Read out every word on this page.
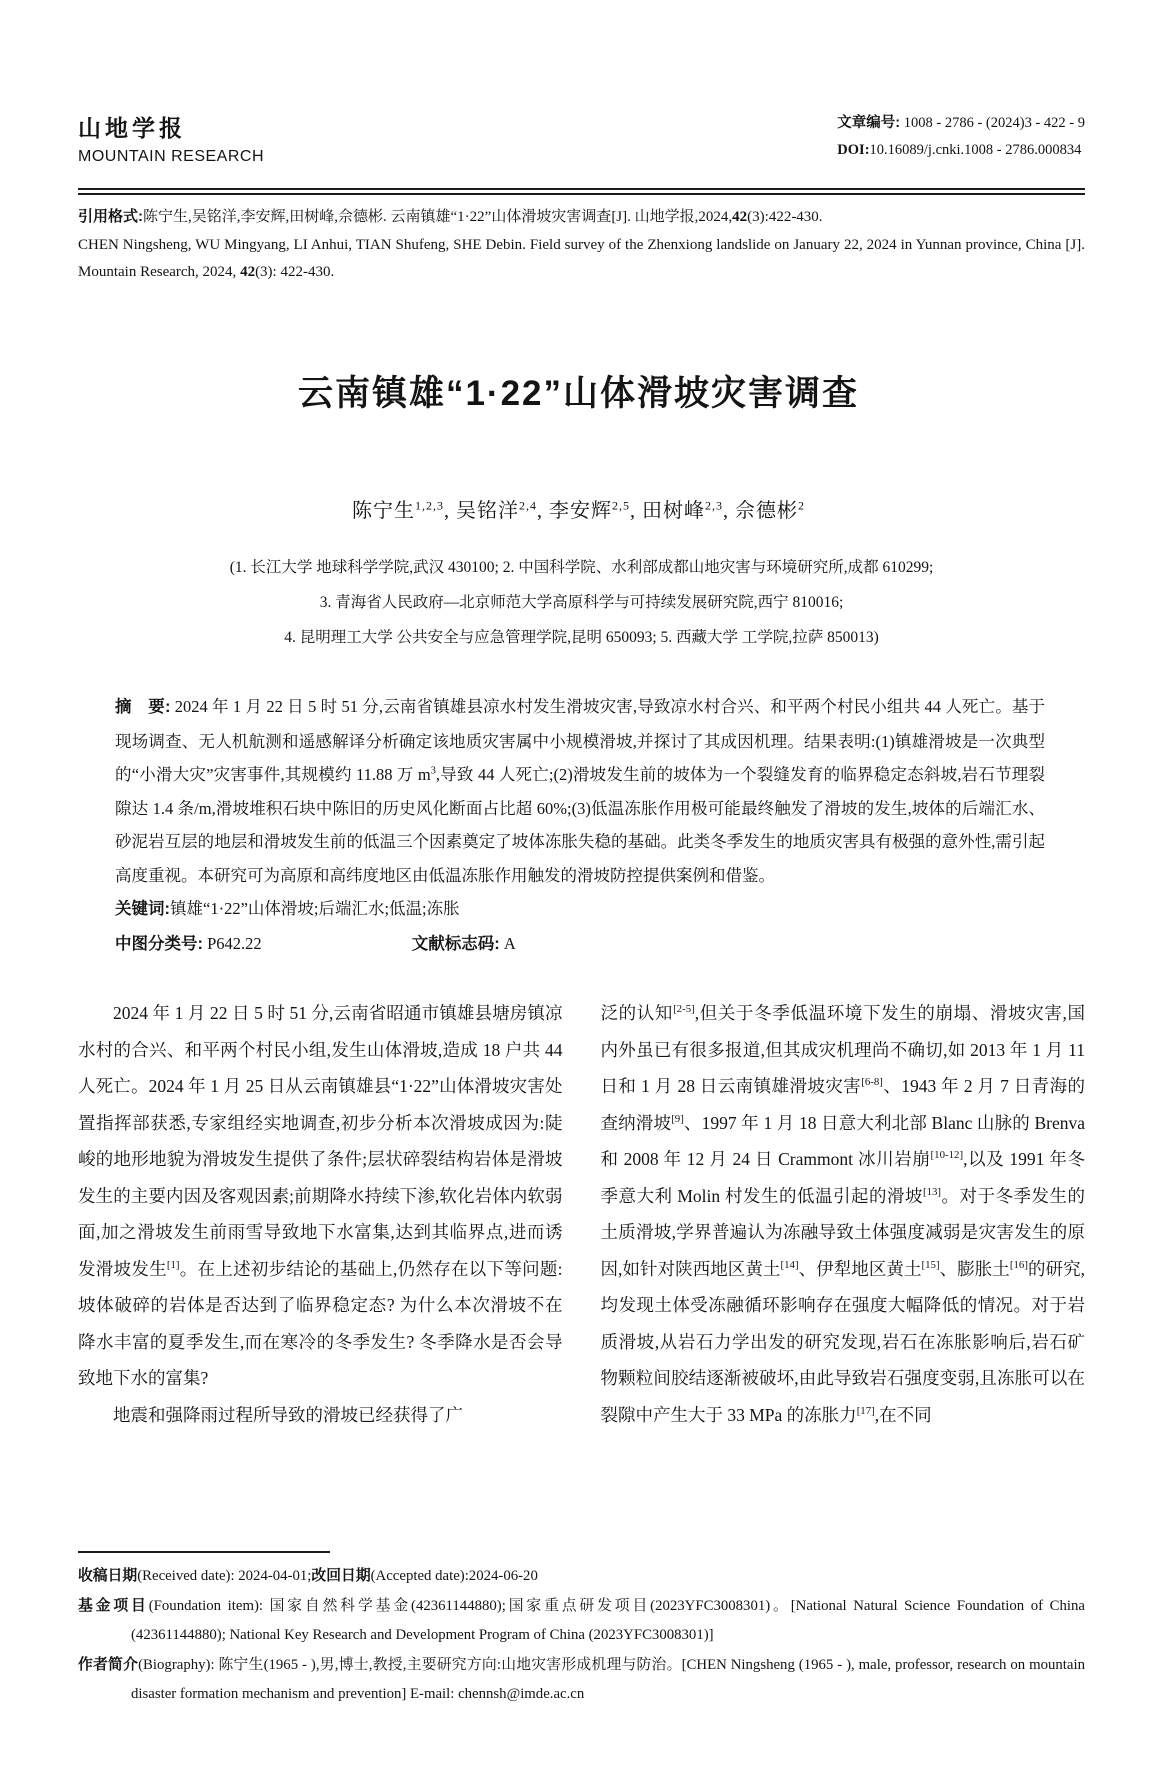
山地学报
MOUNTAIN RESEARCH
文章编号: 1008 - 2786 - (2024)3 - 422 - 9
DOI:10.16089/j.cnki.1008 - 2786.000834

引用格式:陈宁生,吴铭洋,李安辉,田树峰,佘德彬. 云南镇雄“1·22”山体滑坡灾害调查[J]. 山地学报,2024,42(3):422-430.

CHEN Ningsheng, WU Mingyang, LI Anhui, TIAN Shufeng, SHE Debin. Field survey of the Zhenxiong landslide on January 22, 2024 in Yunnan province, China [J]. Mountain Research, 2024, 42(3): 422-430.

云南镇雄“1·22”山体滑坡灾害调查

陈宁生$^{1,2,3}$, 吴铭洋$^{2,4}$, 李安辉$^{2,5}$, 田树峰$^{2,3}$, 佘德彬$^2$

(1. 长江大学 地球科学学院,武汉 430100; 2. 中国科学院、水利部成都山地灾害与环境研究所,成都 610299;

3. 青海省人民政府—北京师范大学高原科学与可持续发展研究院,西宁 810016;

4. 昆明理工大学 公共安全与应急管理学院,昆明 650093; 5. 西藏大学 工学院,拉萨 850013)

摘　要: 2024 年 1 月 22 日 5 时 51 分,云南省镇雄县凉水村发生滑坡灾害,导致凉水村合兴、和平两个村民小组共 44 人死亡。基于现场调查、无人机航测和遥感解译分析确定该地质灾害属中小规模滑坡,并探讨了其成因机理。结果表明:(1)镇雄滑坡是一次典型的“小滑大灾”灾害事件,其规模约 11.88 万 $m^3$,导致 44 人死亡;(2)滑坡发生前的坡体为一个裂缝发育的临界稳定态斜坡,岩石节理裂隙达 1.4 条/m,滑坡堆积石块中陈旧的历史风化断面占比超 60%;(3)低温冻胀作用极可能最终触发了滑坡的发生,坡体的后端汇水、砂泥岩互层的地层和滑坡发生前的低温三个因素奠定了坡体冻胀失稳的基础。此类冬季发生的地质灾害具有极强的意外性,需引起高度重视。本研究可为高原和高纬度地区由低温冻胀作用触发的滑坡防控提供案例和借鉴。

关键词:镇雄“1·22”山体滑坡;后端汇水;低温;冻胀

中图分类号: P642.22	文献标志码: A

2024 年 1 月 22 日 5 时 51 分,云南省昭通市镇雄县塘房镇凉水村的合兴、和平两个村民小组,发生山体滑坡,造成 18 户共 44 人死亡。2024 年 1 月 25 日从云南镇雄县“1·22”山体滑坡灾害处置指挥部获悉,专家组经实地调查,初步分析本次滑坡成因为:陡峻的地形地貌为滑坡发生提供了条件;层状碎裂结构岩体是滑坡发生的主要内因及客观因素;前期降水持续下渗,软化岩体内软弱面,加之滑坡发生前雨雪导致地下水富集,达到其临界点,进而诱发滑坡发生[1]。在上述初步结论的基础上,仍然存在以下等问题: 坡体破碎的岩体是否达到了临界稳定态? 为什么本次滑坡不在降水丰富的夏季发生,而在寒冷的冬季发生? 冬季降水是否会导致地下水的富集?

地震和强降雨过程所导致的滑坡已经获得了广

泛的认知[2-5],但关于冬季低温环境下发生的崩塌、滑坡灾害,国内外虽已有很多报道,但其成灾机理尚不确切,如 2013 年 1 月 11 日和 1 月 28 日云南镇雄滑坡灾害[6-8]、1943 年 2 月 7 日青海的查纳滑坡[9]、1997 年 1 月 18 日意大利北部 Blanc 山脉的 Brenva 和 2008 年 12 月 24 日 Crammont 冰川岩崩[10-12],以及 1991 年冬季意大利 Molin 村发生的低温引起的滑坡[13]。对于冬季发生的土质滑坡,学界普遍认为冻融导致土体强度减弱是灾害发生的原因,如针对陕西地区黄土[14]、伊犁地区黄土[15]、膨胀土[16]的研究,均发现土体受冻融循环影响存在强度大幅降低的情况。对于岩质滑坡,从岩石力学出发的研究发现,岩石在冻胀影响后,岩石矿物颗粒间胶结逐渐被破坏,由此导致岩石强度变弱,且冻胀可以在裂隙中产生大于 33 MPa 的冻胀力[17],在不同

收稿日期(Received date): 2024-04-01;改回日期(Accepted date):2024-06-20

基金项目(Foundation item): 国家自然科学基金(42361144880);国家重点研发项目(2023YFC3008301)。[National Natural Science Foundation of China (42361144880); National Key Research and Development Program of China (2023YFC3008301)]

作者简介(Biography): 陈宁生(1965 - ),男,博士,教授,主要研究方向:山地灾害形成机理与防治。[CHEN Ningsheng (1965 - ), male, professor, research on mountain disaster formation mechanism and prevention] E-mail: chennsh@imde.ac.cn
